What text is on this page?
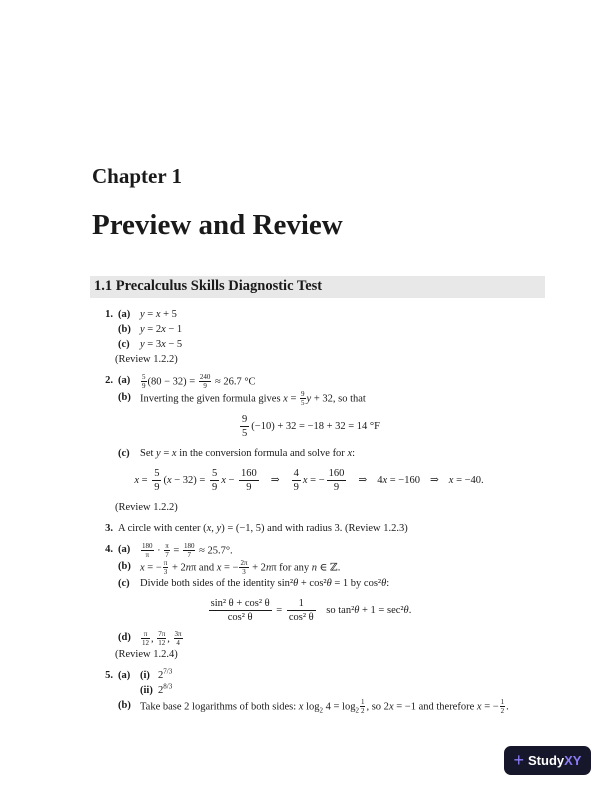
Chapter 1
Preview and Review
1.1 Precalculus Skills Diagnostic Test
1. (a) y = x + 5
(b) y = 2x − 1
(c) y = 3x − 5
(Review 1.2.2)
2. (a)	$\frac{5}{9} (80 - 32) = \frac{240}{9} \approx 26.7$ °C
(b) Inverting the given formula gives $x = \frac{9}{5}$ y + 32, so that
$\frac{9}{5} (-10) + 32 = -18 + 32 = 14$ °F
(c) Set y = x in the conversion formula and solve for x:
$x = \frac{5}{9} (x - 32) = \frac{5}{9}$ $x - \frac{160}{9}$ ⇒ $\frac{4}{9}$ x = − $\frac{160}{9}$ ⇒ 4x = −160 ⇒ x = −40.
(Review 1.2.2)
3. A circle with center (x, y) = (−1, 5) and with radius 3. (Review 1.2.3)
4. (a)	$\frac{180}{\pi} \cdot \frac{\pi}{7} = \frac{180}{7} \approx 25.7^\circ$.
(b) x = − $\frac{\pi}{3} + 2n\pi$ and x = − $\frac{2\pi}{3} + 2n\pi$ for any n ∈ ℤ.
(c) Divide both sides of the identity sin²θ + cos²θ = 1 by cos²θ:
$\frac{\text{sin² θ + cos² θ}}{\text{cos² θ}} = \frac{1}{\text{cos² θ}}$ so tan²θ + 1 = sec²θ.
(d)	$\frac{\pi}{12}$ , $\frac{7\pi}{12}$ , $\frac{3\pi}{4}$
(Review 1.2.4)
5. (a) (i) $2^{7/3}$
(ii) $2^{8/3}$
(b) Take base 2 logarithms of both sides: x $\log_2 4 = \log_2 \frac{1}{2}$ , so 2x = −1 and therefore x = − $\frac{1}{2}$ .
+ Study XY
